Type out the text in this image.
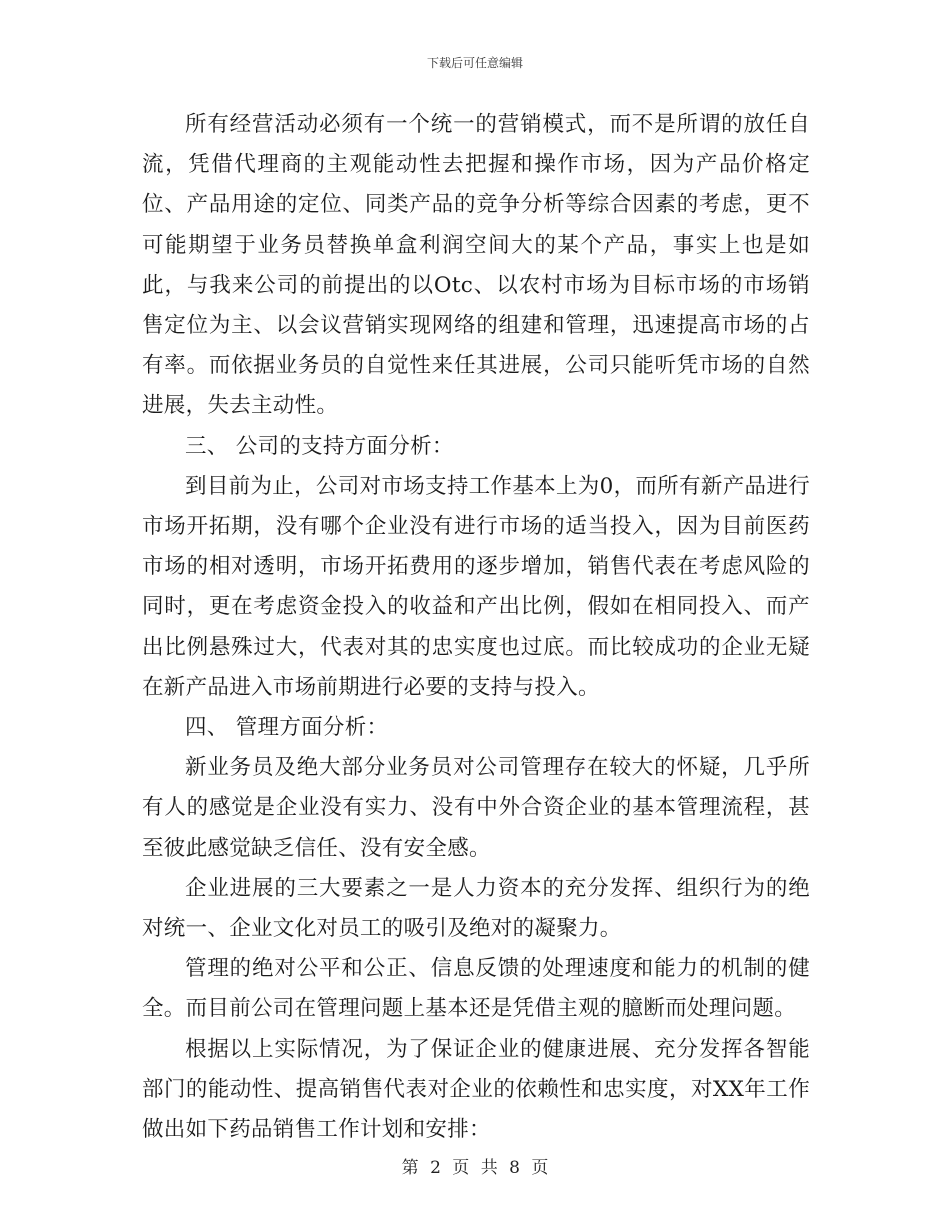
下载后可任意编辑

所有经营活动必须有一个统一的营销模式，而不是所谓的放任自流，凭借代理商的主观能动性去把握和操作市场，因为产品价格定位、产品用途的定位、同类产品的竞争分析等综合因素的考虑，更不可能期望于业务员替换单盒利润空间大的某个产品，事实上也是如此，与我来公司的前提出的以Otc、以农村市场为目标市场的市场销售定位为主、以会议营销实现网络的组建和管理，迅速提高市场的占有率。而依据业务员的自觉性来任其进展，公司只能听凭市场的自然进展，失去主动性。

三、 公司的支持方面分析：

到目前为止，公司对市场支持工作基本上为0，而所有新产品进行市场开拓期，没有哪个企业没有进行市场的适当投入，因为目前医药市场的相对透明，市场开拓费用的逐步增加，销售代表在考虑风险的同时，更在考虑资金投入的收益和产出比例，假如在相同投入、而产出比例悬殊过大，代表对其的忠实度也过底。而比较成功的企业无疑在新产品进入市场前期进行必要的支持与投入。

四、 管理方面分析：

新业务员及绝大部分业务员对公司管理存在较大的怀疑，几乎所有人的感觉是企业没有实力、没有中外合资企业的基本管理流程，甚至彼此感觉缺乏信任、没有安全感。

企业进展的三大要素之一是人力资本的充分发挥、组织行为的绝对统一、企业文化对员工的吸引及绝对的凝聚力。

管理的绝对公平和公正、信息反馈的处理速度和能力的机制的健全。而目前公司在管理问题上基本还是凭借主观的臆断而处理问题。

根据以上实际情况，为了保证企业的健康进展、充分发挥各智能部门的能动性、提高销售代表对企业的依赖性和忠实度，对XX年工作做出如下药品销售工作计划和安排：

第 2 页 共 8 页
